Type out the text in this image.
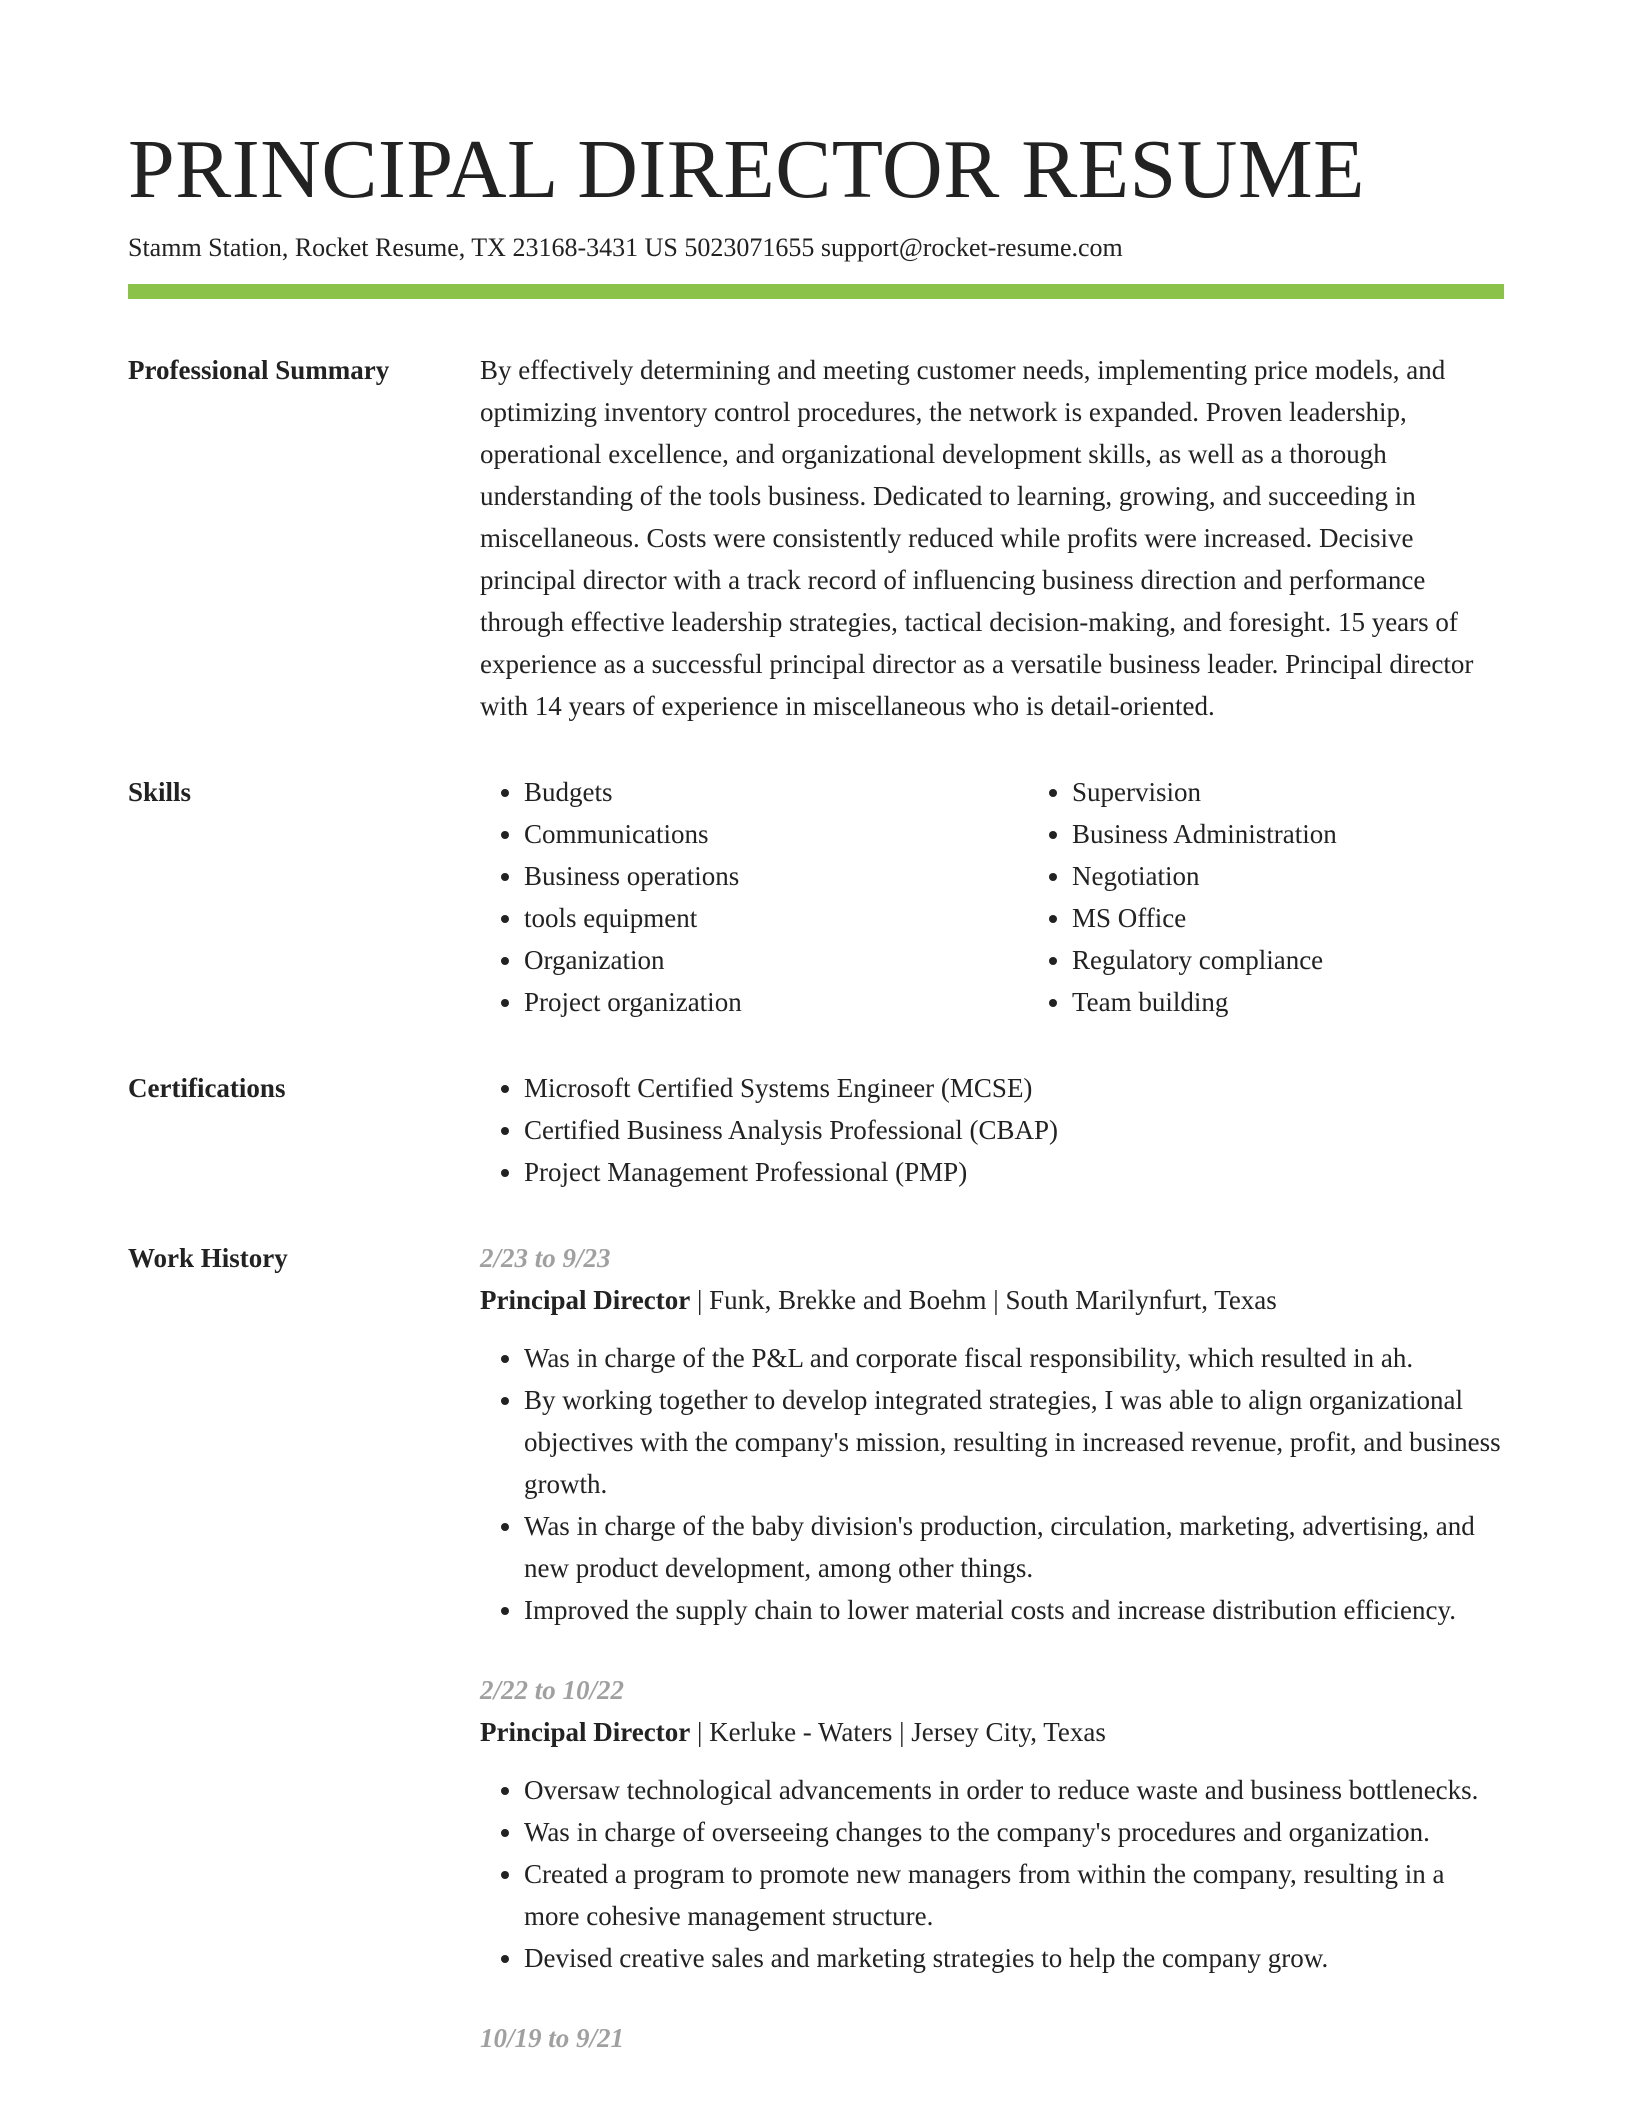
PRINCIPAL DIRECTOR RESUME
Stamm Station, Rocket Resume, TX 23168-3431 US 5023071655 support@rocket-resume.com
Professional Summary	By effectively determining and meeting customer needs, implementing price models, and optimizing inventory control procedures, the network is expanded. Proven leadership, operational excellence, and organizational development skills, as well as a thorough understanding of the tools business. Dedicated to learning, growing, and succeeding in miscellaneous. Costs were consistently reduced while profits were increased. Decisive principal director with a track record of influencing business direction and performance through effective leadership strategies, tactical decision-making, and foresight. 15 years of experience as a successful principal director as a versatile business leader. Principal director with 14 years of experience in miscellaneous who is detail-oriented.

Skills	• Budgets
• Communications
• Business operations
• tools equipment
• Organization
• Project organization
• Supervision
• Business Administration
• Negotiation
• MS Office
• Regulatory compliance
• Team building
Certifications	• Microsoft Certified Systems Engineer (MCSE)
• Certified Business Analysis Professional (CBAP)
• Project Management Professional (PMP)
Work History	2/23 to 9/23
Principal Director | Funk, Brekke and Boehm | South Marilynfurt, Texas
• Was in charge of the P&L and corporate fiscal responsibility, which resulted in ah.
• By working together to develop integrated strategies, I was able to align organizational objectives with the company's mission, resulting in increased revenue, profit, and business growth.
• Was in charge of the baby division's production, circulation, marketing, advertising, and new product development, among other things.
• Improved the supply chain to lower material costs and increase distribution efficiency.
2/22 to 10/22
Principal Director | Kerluke - Waters | Jersey City, Texas
• Oversaw technological advancements in order to reduce waste and business bottlenecks.
• Was in charge of overseeing changes to the company's procedures and organization.
• Created a program to promote new managers from within the company, resulting in a more cohesive management structure.
• Devised creative sales and marketing strategies to help the company grow.
10/19 to 9/21
